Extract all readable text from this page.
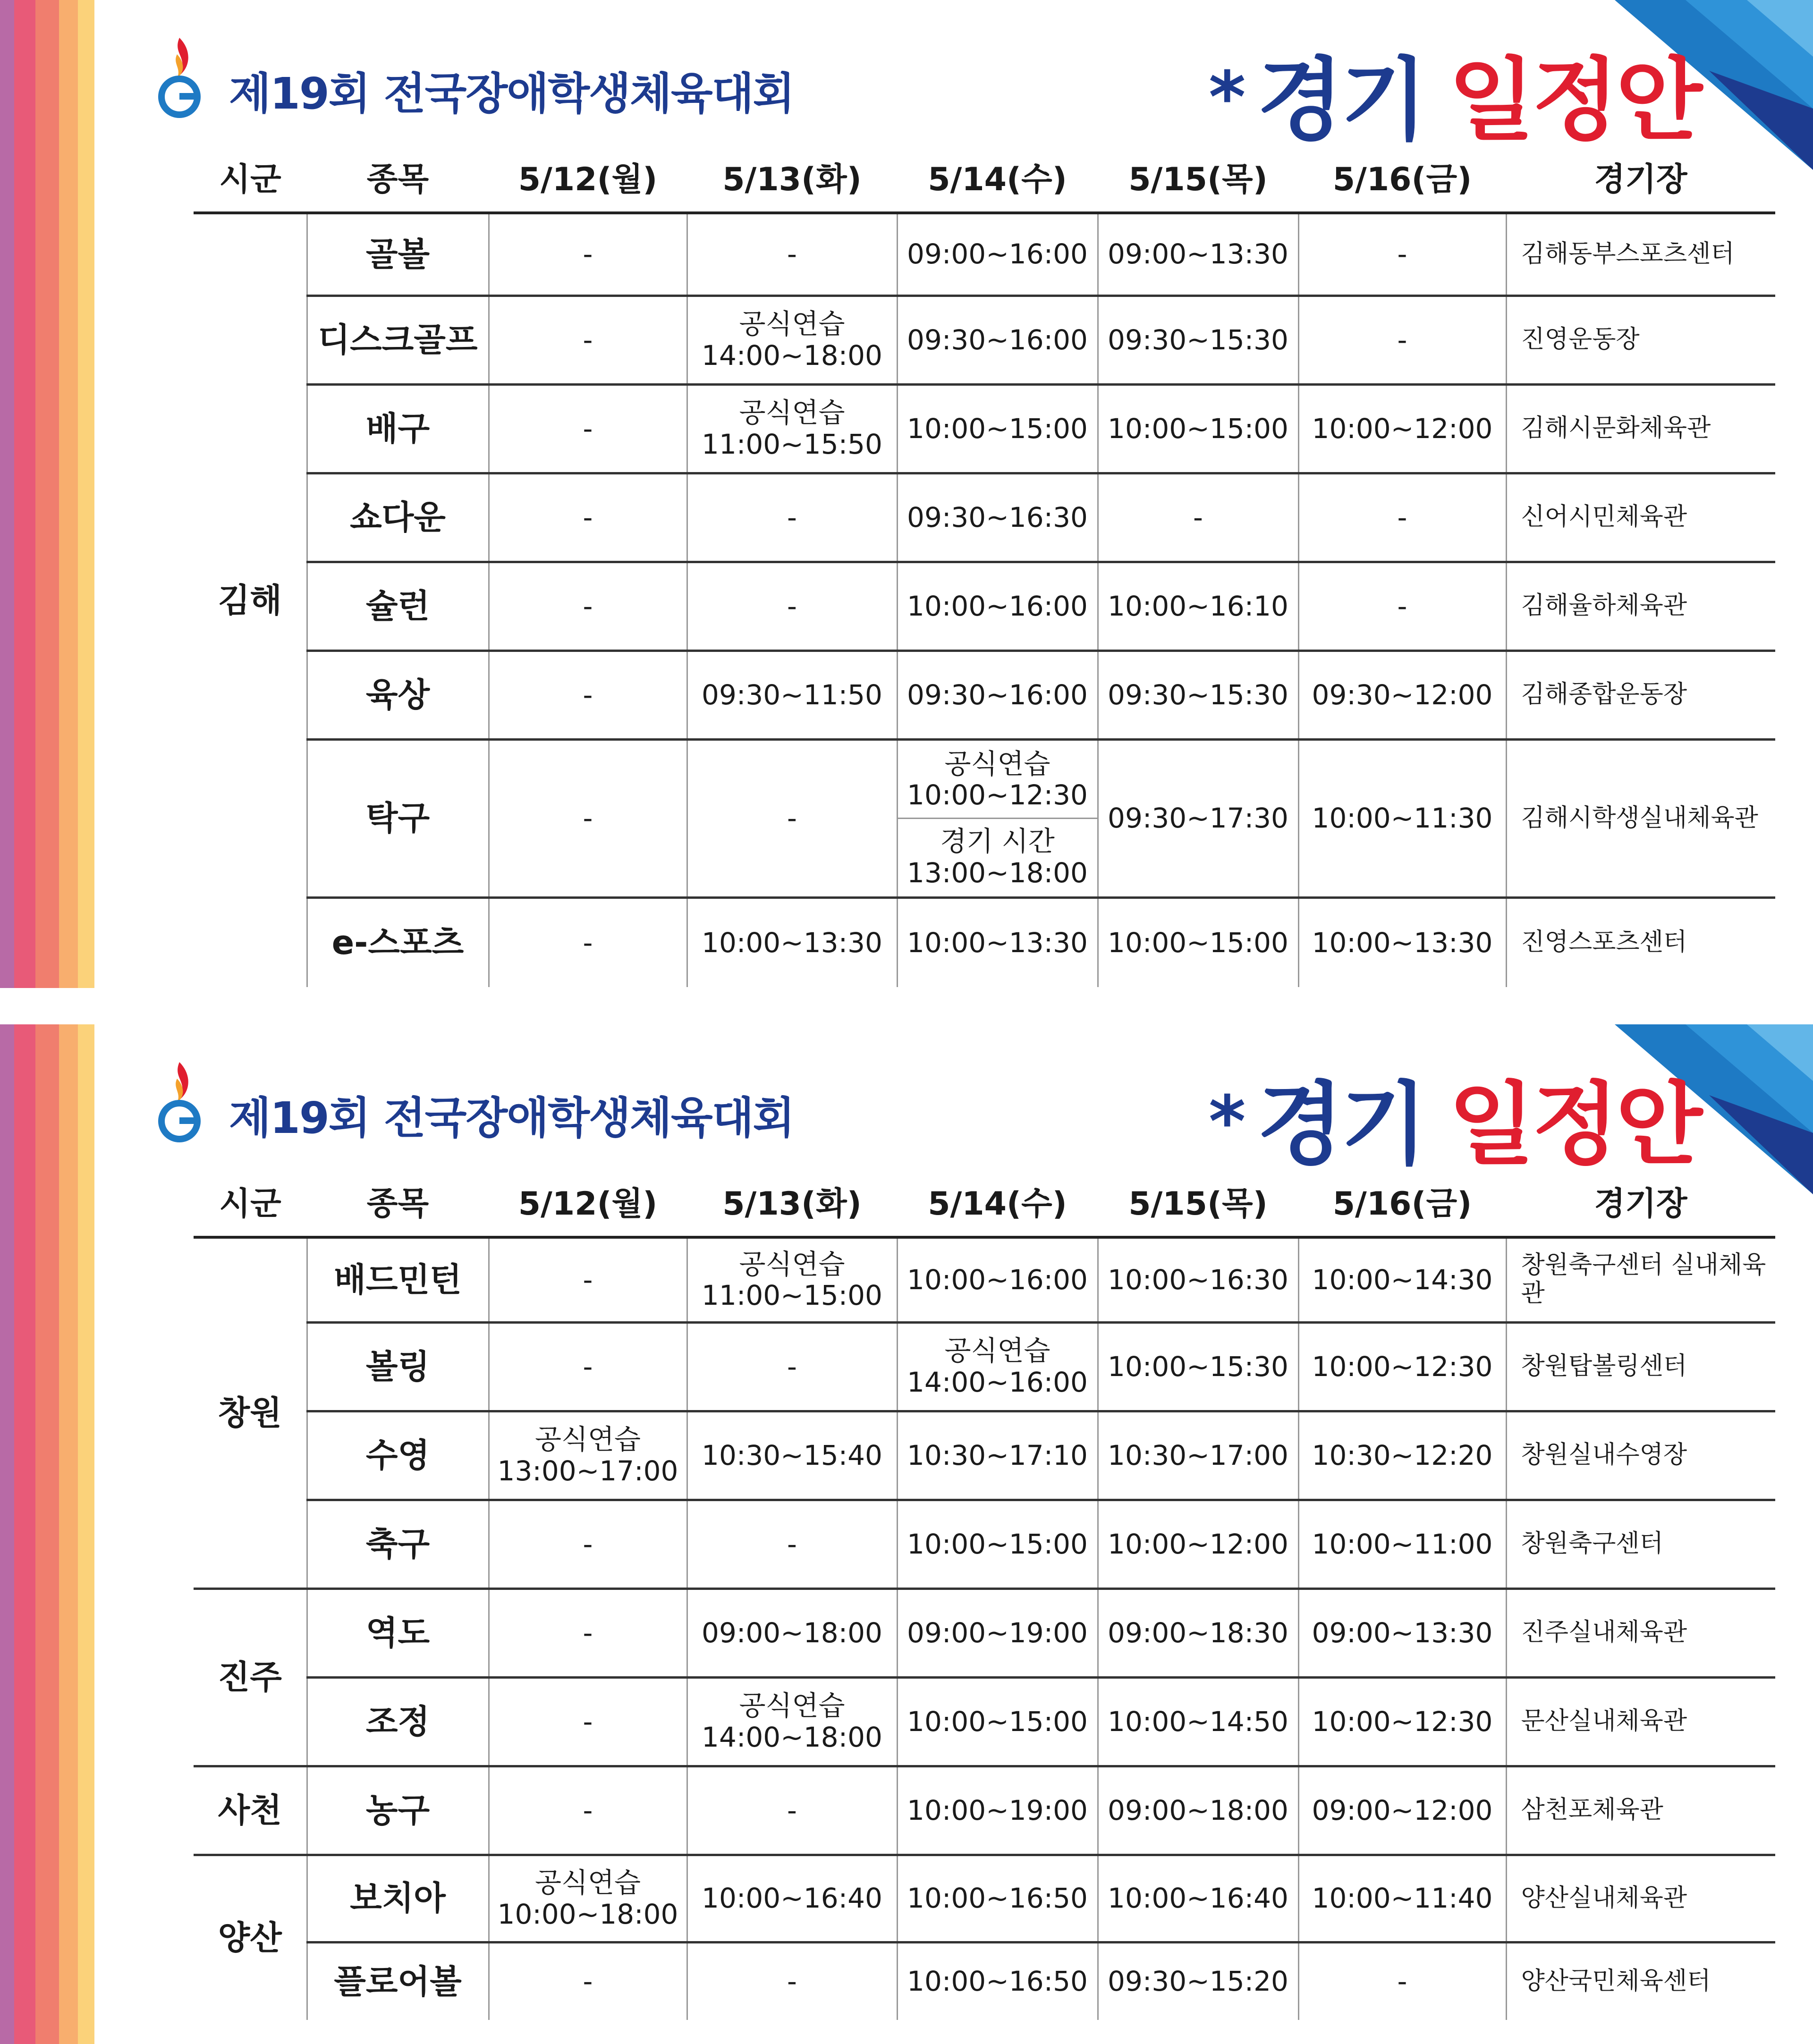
제19회 전국장애학생체육대회	* 경기 일정안
시군	종목	5/12(월)	5/13(화)	5/14(수)	5/15(목)	5/16(금)	경기장
김해	골볼	-	-	09:00~16:00	09:00~13:30	-	김해동부스포츠센터
	디스크골프	-	공식연습
14:00~18:00	09:30~16:00	09:30~15:30	-	진영운동장
	배구	-	공식연습
11:00~15:50	10:00~15:00	10:00~15:00	10:00~12:00	김해시문화체육관
	쇼다운	-	-	09:30~16:30	-	-	신어시민체육관
	슐런	-	-	10:00~16:00	10:00~16:10	-	김해율하체육관
	육상	-	09:30~11:50	09:30~16:00	09:30~15:30	09:30~12:00	김해종합운동장
	탁구	-	-	공식연습
10:00~12:30
경기 시간
13:00~18:00	09:30~17:30	10:00~11:30	김해시학생실내체육관
	e-스포츠	-	10:00~13:30	10:00~13:30	10:00~15:00	10:00~13:30	진영스포츠센터
제19회 전국장애학생체육대회	* 경기 일정안
시군	종목	5/12(월)	5/13(화)	5/14(수)	5/15(목)	5/16(금)	경기장
창원	배드민턴	-	공식연습
11:00~15:00	10:00~16:00	10:00~16:30	10:00~14:30	창원축구센터 실내체육관
	볼링	-	-	공식연습
14:00~16:00	10:00~15:30	10:00~12:30	창원탑볼링센터
	수영	공식연습
13:00~17:00	10:30~15:40	10:30~17:10	10:30~17:00	10:30~12:20	창원실내수영장
	축구	-	-	10:00~15:00	10:00~12:00	10:00~11:00	창원축구센터
진주	역도	-	09:00~18:00	09:00~19:00	09:00~18:30	09:00~13:30	진주실내체육관
	조정	-	공식연습
14:00~18:00	10:00~15:00	10:00~14:50	10:00~12:30	문산실내체육관
사천	농구	-	-	10:00~19:00	09:00~18:00	09:00~12:00	삼천포체육관
양산	보치아	공식연습
10:00~18:00	10:00~16:40	10:00~16:50	10:00~16:40	10:00~11:40	양산실내체육관
	플로어볼	-	-	10:00~16:50	09:30~15:20	-	양산국민체육센터
